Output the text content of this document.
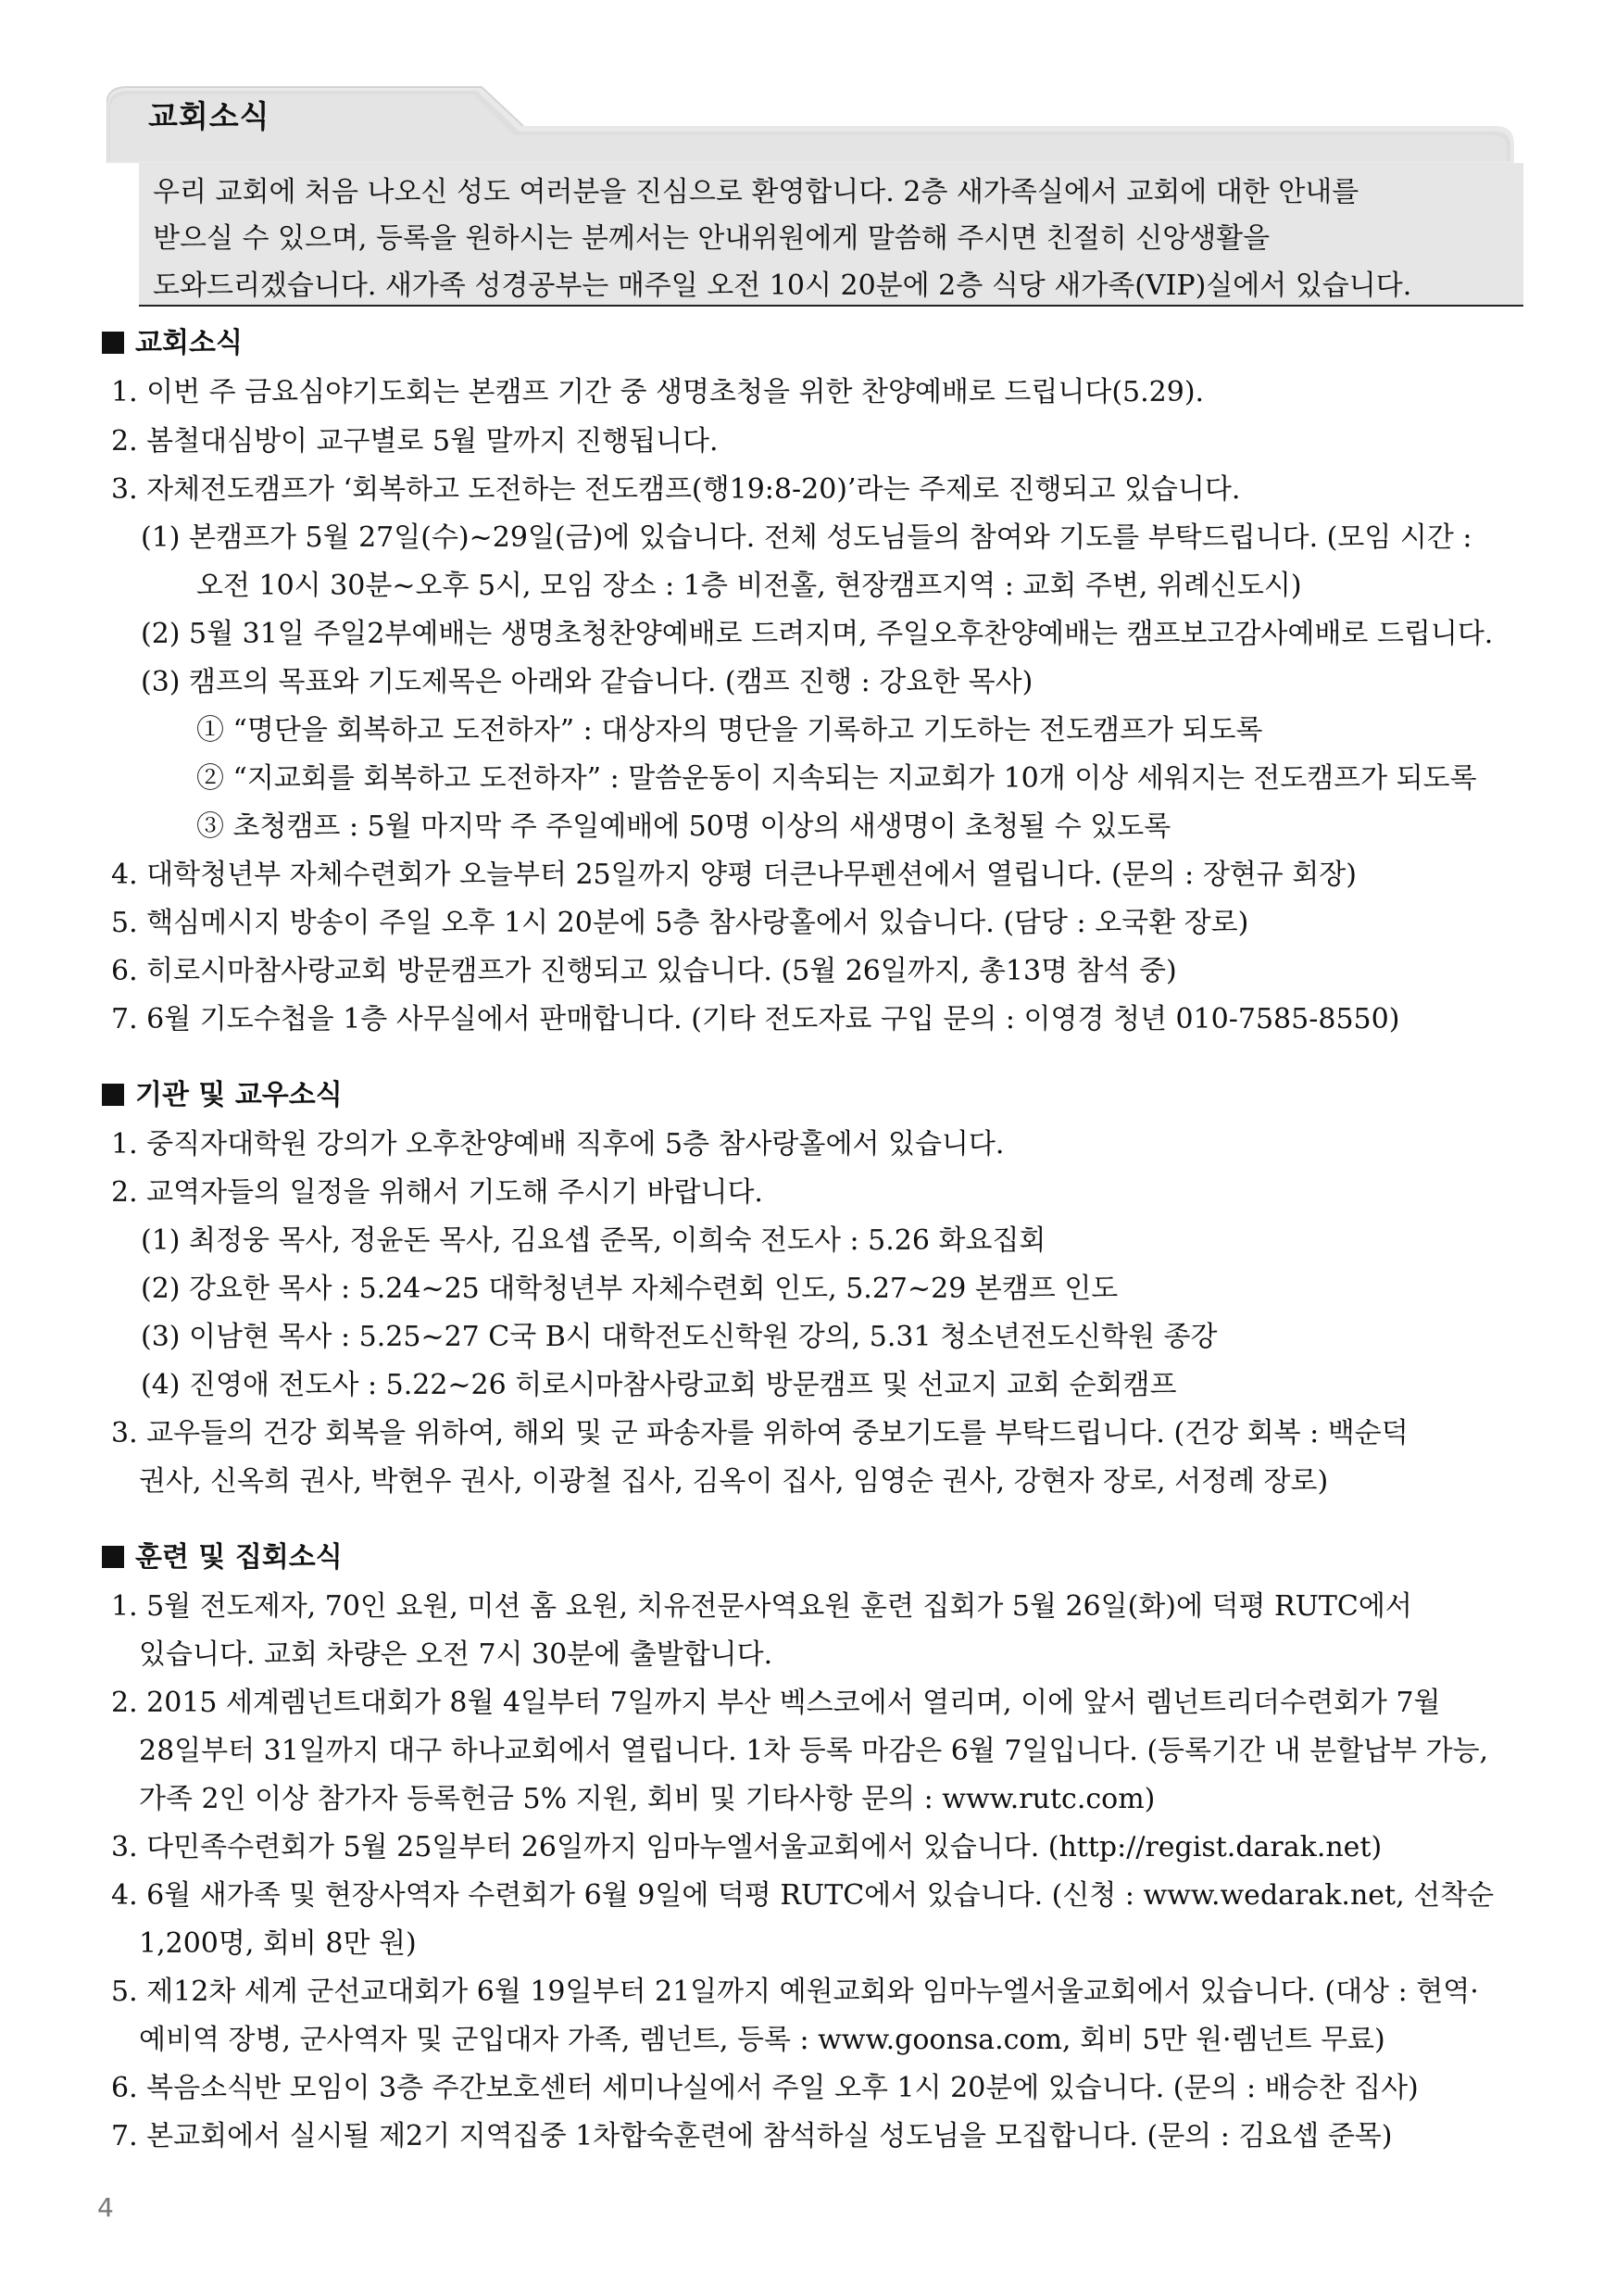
교회소식
우리 교회에 처음 나오신 성도 여러분을 진심으로 환영합니다. 2층 새가족실에서 교회에 대한 안내를
받으실 수 있으며, 등록을 원하시는 분께서는 안내위원에게 말씀해 주시면 친절히 신앙생활을
도와드리겠습니다. 새가족 성경공부는 매주일 오전 10시 20분에 2층 식당 새가족(VIP)실에서 있습니다.
교회소식
1. 이번 주 금요심야기도회는 본캠프 기간 중 생명초청을 위한 찬양예배로 드립니다(5.29).
2. 봄철대심방이 교구별로 5월 말까지 진행됩니다.
3. 자체전도캠프가 ‘회복하고 도전하는 전도캠프(행19:8-20)’라는 주제로 진행되고 있습니다.
(1) 본캠프가 5월 27일(수)~29일(금)에 있습니다. 전체 성도님들의 참여와 기도를 부탁드립니다. (모임 시간 :
오전 10시 30분~오후 5시, 모임 장소 : 1층 비전홀, 현장캠프지역 : 교회 주변, 위례신도시)
(2) 5월 31일 주일2부예배는 생명초청찬양예배로 드려지며, 주일오후찬양예배는 캠프보고감사예배로 드립니다.
(3) 캠프의 목표와 기도제목은 아래와 같습니다. (캠프 진행 : 강요한 목사)
① “명단을 회복하고 도전하자” : 대상자의 명단을 기록하고 기도하는 전도캠프가 되도록
② “지교회를 회복하고 도전하자” : 말씀운동이 지속되는 지교회가 10개 이상 세워지는 전도캠프가 되도록
③ 초청캠프 : 5월 마지막 주 주일예배에 50명 이상의 새생명이 초청될 수 있도록
4. 대학청년부 자체수련회가 오늘부터 25일까지 양평 더큰나무펜션에서 열립니다. (문의 : 장현규 회장)
5. 핵심메시지 방송이 주일 오후 1시 20분에 5층 참사랑홀에서 있습니다. (담당 : 오국환 장로)
6. 히로시마참사랑교회 방문캠프가 진행되고 있습니다. (5월 26일까지, 총13명 참석 중)
7. 6월 기도수첩을 1층 사무실에서 판매합니다. (기타 전도자료 구입 문의 : 이영경 청년 010-7585-8550)
기관 및 교우소식
1. 중직자대학원 강의가 오후찬양예배 직후에 5층 참사랑홀에서 있습니다.
2. 교역자들의 일정을 위해서 기도해 주시기 바랍니다.
(1) 최정웅 목사, 정윤돈 목사, 김요셉 준목, 이희숙 전도사 : 5.26 화요집회
(2) 강요한 목사 : 5.24~25 대학청년부 자체수련회 인도, 5.27~29 본캠프 인도
(3) 이남현 목사 : 5.25~27 C국 B시 대학전도신학원 강의, 5.31 청소년전도신학원 종강
(4) 진영애 전도사 : 5.22~26 히로시마참사랑교회 방문캠프 및 선교지 교회 순회캠프
3. 교우들의 건강 회복을 위하여, 해외 및 군 파송자를 위하여 중보기도를 부탁드립니다. (건강 회복 : 백순덕
권사, 신옥희 권사, 박현우 권사, 이광철 집사, 김옥이 집사, 임영순 권사, 강현자 장로, 서정례 장로)
훈련 및 집회소식
1. 5월 전도제자, 70인 요원, 미션 홈 요원, 치유전문사역요원 훈련 집회가 5월 26일(화)에 덕평 RUTC에서
있습니다. 교회 차량은 오전 7시 30분에 출발합니다.
2. 2015 세계렘넌트대회가 8월 4일부터 7일까지 부산 벡스코에서 열리며, 이에 앞서 렘넌트리더수련회가 7월
28일부터 31일까지 대구 하나교회에서 열립니다. 1차 등록 마감은 6월 7일입니다. (등록기간 내 분할납부 가능,
가족 2인 이상 참가자 등록헌금 5% 지원, 회비 및 기타사항 문의 : www.rutc.com)
3. 다민족수련회가 5월 25일부터 26일까지 임마누엘서울교회에서 있습니다. (http://regist.darak.net)
4. 6월 새가족 및 현장사역자 수련회가 6월 9일에 덕평 RUTC에서 있습니다. (신청 : www.wedarak.net, 선착순
1,200명, 회비 8만 원)
5. 제12차 세계 군선교대회가 6월 19일부터 21일까지 예원교회와 임마누엘서울교회에서 있습니다. (대상 : 현역·
예비역 장병, 군사역자 및 군입대자 가족, 렘넌트, 등록 : www.goonsa.com, 회비 5만 원·렘넌트 무료)
6. 복음소식반 모임이 3층 주간보호센터 세미나실에서 주일 오후 1시 20분에 있습니다. (문의 : 배승찬 집사)
7. 본교회에서 실시될 제2기 지역집중 1차합숙훈련에 참석하실 성도님을 모집합니다. (문의 : 김요셉 준목)
4
